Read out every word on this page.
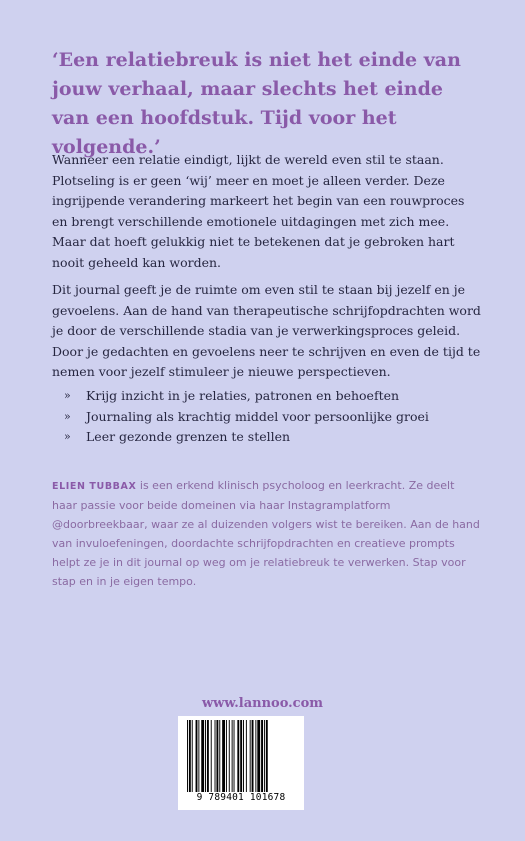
‘Een relatiebreuk is niet het einde van jouw verhaal, maar slechts het einde van een hoofdstuk. Tijd voor het volgende.’

Wanneer een relatie eindigt, lijkt de wereld even stil te staan. Plotseling is er geen ‘wij’ meer en moet je alleen verder. Deze ingrijpende verandering markeert het begin van een rouwproces en brengt verschillende emotionele uitdagingen met zich mee. Maar dat hoeft gelukkig niet te betekenen dat je gebroken hart nooit geheeld kan worden.

Dit journal geeft je de ruimte om even stil te staan bij jezelf en je gevoelens. Aan de hand van therapeutische schrijfopdrachten word je door de verschillende stadia van je verwerkingsproces geleid. Door je gedachten en gevoelens neer te schrijven en even de tijd te nemen voor jezelf stimuleer je nieuwe perspectieven.

» Krijg inzicht in je relaties, patronen en behoeften
» Journaling als krachtig middel voor persoonlijke groei
» Leer gezonde grenzen te stellen
ELIEN TUBBAX is een erkend klinisch psycholoog en leerkracht. Ze deelt haar passie voor beide domeinen via haar Instagramplatform @doorbreekbaar, waar ze al duizenden volgers wist te bereiken. Aan de hand van invuloefeningen, doordachte schrijfopdrachten en creatieve prompts helpt ze je in dit journal op weg om je relatiebreuk te verwerken. Stap voor stap en in je eigen tempo.
www.lannoo.com
9 789401 101678
